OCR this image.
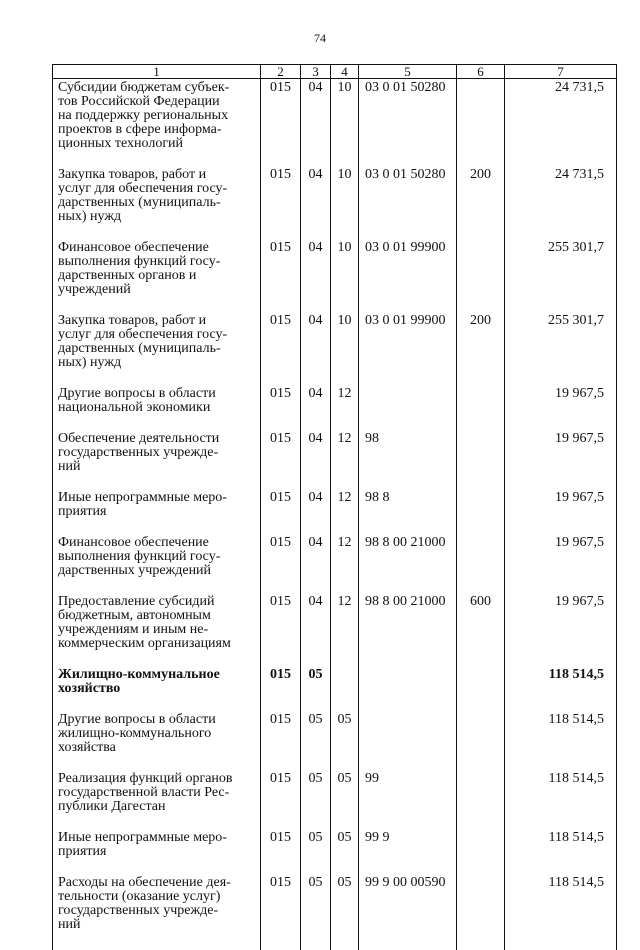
74
1	2	3	4	5	6	7
Субсидии бюджетам субъек-
тов Российской Федерации
на поддержку региональных
проектов в сфере информа-
ционных технологий	015	04	10	03 0 01 50280		24 731,5
Закупка товаров, работ и
услуг для обеспечения госу-
дарственных (муниципаль-
ных) нужд	015	04	10	03 0 01 50280	200	24 731,5
Финансовое обеспечение
выполнения функций госу-
дарственных органов и
учреждений	015	04	10	03 0 01 99900		255 301,7
Закупка товаров, работ и
услуг для обеспечения госу-
дарственных (муниципаль-
ных) нужд	015	04	10	03 0 01 99900	200	255 301,7
Другие вопросы в области
национальной экономики	015	04	12			19 967,5
Обеспечение деятельности
государственных учрежде-
ний	015	04	12	98		19 967,5
Иные непрограммные меро-
приятия	015	04	12	98 8		19 967,5
Финансовое обеспечение
выполнения функций госу-
дарственных учреждений	015	04	12	98 8 00 21000		19 967,5
Предоставление субсидий
бюджетным, автономным
учреждениям и иным не-
коммерческим организациям	015	04	12	98 8 00 21000	600	19 967,5
Жилищно-коммунальное
хозяйство	015	05				118 514,5
Другие вопросы в области
жилищно-коммунального
хозяйства	015	05	05			118 514,5
Реализация функций органов
государственной власти Рес-
публики Дагестан	015	05	05	99		118 514,5
Иные непрограммные меро-
приятия	015	05	05	99 9		118 514,5
Расходы на обеспечение дея-
тельности (оказание услуг)
государственных учрежде-
ний	015	05	05	99 9 00 00590		118 514,5
